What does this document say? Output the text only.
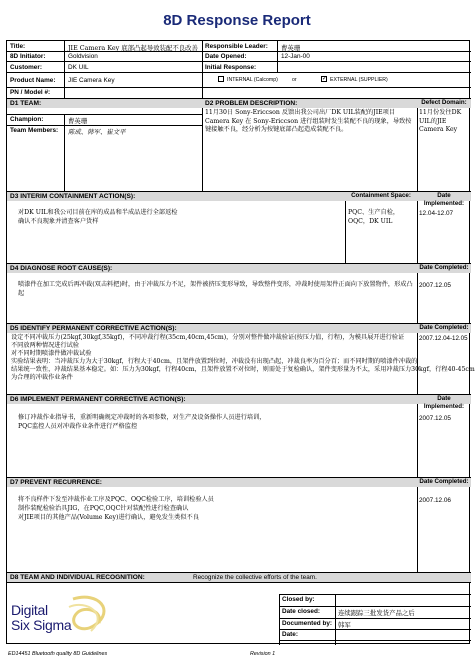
8D Response Report
Title:	JIE Camera Key 底部凸起导致装配不良改善
8D Initiator:	Goldvision
Customer:	DK UIL
Product Name: JIE Camera Key
PN / Model #:
Responsible Leader: 曹英珊
Date Opened:	12-Jan-00
Initial Response:
INTERNAL (Calcomp)	or	✓ EXTERNAL (SUPPLIER)
D1 TEAM:	D2 PROBLEM DESCRIPTION:	Defect Domain:
Champion:	曹英珊
Team Members: 陈成、韩军、崔文平
11月30日 Sony-Ericcson 反馈出我公司出厂DK UIL装配的JIE项目 Camera Key 在 Sony-Ericcson 进行组装时发生装配不良的现象，导致按键接触不良，经分析为按键底部凸起造成装配不良。
11月份发往DK UIL的JIE Camera Key
D3 INTERIM CONTAINMENT ACTION(S):	Containment Space:	Date Implemented:
对DK UIL和我公司目前在库的成品和半成品进行全部返检
确认不良现象并清查客户货样
PQC、生产自检，OQC，DK UIL
12.04-12.07
D4 DIAGNOSE ROOT CAUSE(S):	Date Completed:
喷漆件在加工完成后再冲裁(双击料把)时，由于冲裁压力不足，架件被挤压变形导致，导致整件变形，冲裁时使用架件正面向下放置物件，形成凸起
2007.12.05
D5 IDENTIFY PERMANENT CORRECTIVE ACTION(S):	Date Completed:
设定不同冲裁压力(25kgf,30kgf,35kgf)，不同冲裁行程(35cm,40cm,45cm)，分别对整件做冲裁验证(按压力值，行程)，为模具展开进行验证
不同放两种情况进行试验
对不同时期喷漆件做冲裁试验
实验结果表明：当冲裁压力为大于30kgf，行程大于40cm，且架件放置到位时，冲裁没有出现凸起，冲裁良率为百分百；而不同时期的喷漆件冲裁的
结果统一致性，冲裁结果基本稳定。如：压力为30kgf，行程40cm，且架件放置不对位时，则需处于复检确认，架件变形量为不太，采用冲裁压力30kgf，行程40-45cm
为合理的冲裁作业条件
2007.12.04-12.05
D6 IMPLEMENT PERMANENT CORRECTIVE ACTION(S):	Date Implemented:
修订冲裁作业指导书，重新明确规定冲裁时的各项参数，对生产及设备操作人员进行培训，
PQC监控人员对冲裁作业条件进行严格监控
2007.12.05
D7 PREVENT RECURRENCE:	Date Completed:
将不良样件下发至冲裁作业工序及PQC、OQC检验工序，培训检验人员
制作装配检验治具JIG，在PQC,OQC针对装配性进行检查确认
对JIE项目的其他产品(Volume Key)进行确认，避免发生类似不良
2007.12.06
D8 TEAM AND INDIVIDUAL RECOGNITION:	Recognize the collective efforts of the team.
Digital
Six Sigma
Closed by:
Date closed:	连续跟踪三批发货产品之后
Documented by: 韩军
Date:
ED14451 Bluetooth quality 8D Guidelines	Revision 1
